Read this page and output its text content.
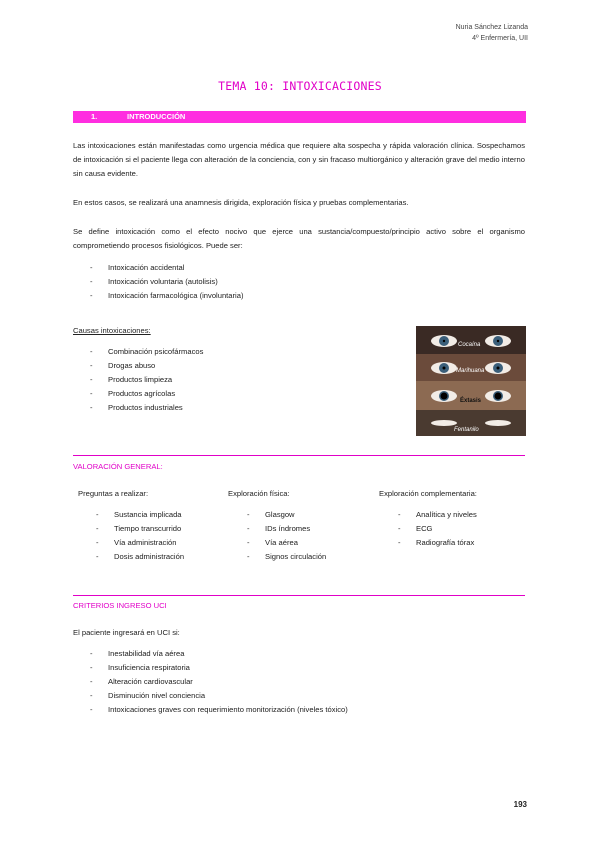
Nuria Sánchez Lizanda
4º Enfermería, UII
TEMA 10: INTOXICACIONES
1.	INTRODUCCIÓN
Las intoxicaciones están manifestadas como urgencia médica que requiere alta sospecha y rápida valoración clínica. Sospechamos de intoxicación si el paciente llega con alteración de la conciencia, con y sin fracaso multiorgánico y alteración grave del medio interno sin causa evidente.
En estos casos, se realizará una anamnesis dirigida, exploración física y pruebas complementarias.
Se define intoxicación como el efecto nocivo que ejerce una sustancia/compuesto/principio activo sobre el organismo comprometiendo procesos fisiológicos. Puede ser:
- Intoxicación accidental
- Intoxicación voluntaria (autolisis)
- Intoxicación farmacológica (involuntaria)
Causas intoxicaciones:
- Combinación psicofármacos
- Drogas abuso
- Productos limpieza
- Productos agrícolas
- Productos industriales
Cocaína
Marihuana
Éxtasis
Fentanilo
VALORACIÓN GENERAL:
Preguntas a realizar:
- Sustancia implicada
- Tiempo transcurrido
- Vía administración
- Dosis administración
Exploración física:
- Glasgow
- IDs índromes
- Vía aérea
- Signos circulación
Exploración complementaria:
- Analítica y niveles
- ECG
- Radiografía tórax
CRITERIOS INGRESO UCI
El paciente ingresará en UCI si:
- Inestabilidad vía aérea
- Insuficiencia respiratoria
- Alteración cardiovascular
- Disminución nivel conciencia
- Intoxicaciones graves con requerimiento monitorización (niveles tóxico)
193
